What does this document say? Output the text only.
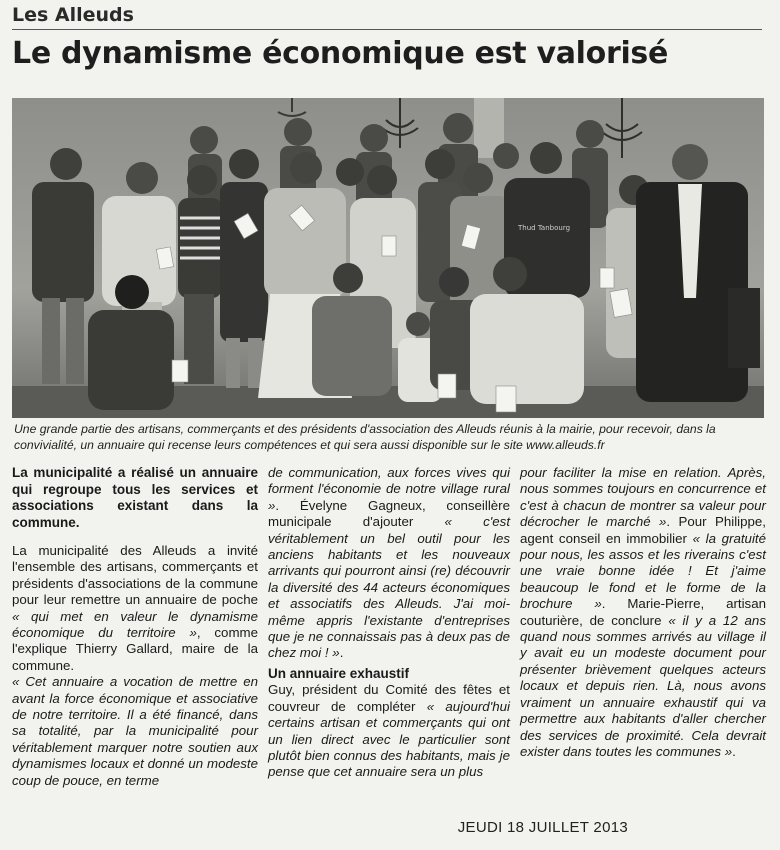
Les Alleuds
Le dynamisme économique est valorisé
Thud Tanbourg
Une grande partie des artisans, commerçants et des présidents d'association des Alleuds réunis à la mairie, pour recevoir, dans la convivialité, un annuaire qui recense leurs compétences et qui sera aussi disponible sur le site www.alleuds.fr

La municipalité a réalisé un annuaire qui regroupe tous les services et associations existant dans la commune.

La municipalité des Alleuds a invité l'ensemble des artisans, commerçants et présidents d'associations de la commune pour leur remettre un annuaire de poche « qui met en valeur le dynamisme économique du territoire », comme l'explique Thierry Gallard, maire de la commune.

« Cet annuaire a vocation de mettre en avant la force économique et associative de notre territoire. Il a été financé, dans sa totalité, par la municipalité pour véritablement marquer notre soutien aux dynamismes locaux et donné un modeste coup de pouce, en terme

de communication, aux forces vives qui forment l'économie de notre village rural ». Évelyne Gagneux, conseillère municipale d'ajouter « c'est véritablement un bel outil pour les anciens habitants et les nouveaux arrivants qui pourront ainsi (re) découvrir la diversité des 44 acteurs économiques et associatifs des Alleuds. J'ai moi-même appris l'existante d'entreprises que je ne connaissais pas à deux pas de chez moi ! ».

Un annuaire exhaustif

Guy, président du Comité des fêtes et couvreur de compléter « aujourd'hui certains artisan et commerçants qui ont un lien direct avec le particulier sont plutôt bien connus des habitants, mais je pense que cet annuaire sera un plus

pour faciliter la mise en relation. Après, nous sommes toujours en concurrence et c'est à chacun de montrer sa valeur pour décrocher le marché ». Pour Philippe, agent conseil en immobilier « la gratuité pour nous, les assos et les riverains c'est une vraie bonne idée ! Et j'aime beaucoup le fond et le forme de la brochure ». Marie-Pierre, artisan couturière, de conclure « il y a 12 ans quand nous sommes arrivés au village il y avait eu un modeste document pour présenter brièvement quelques acteurs locaux et depuis rien. Là, nous avons vraiment un annuaire exhaustif qui va permettre aux habitants d'aller chercher des services de proximité. Cela devrait exister dans toutes les communes ».

JEUDI 18 JUILLET 2013
